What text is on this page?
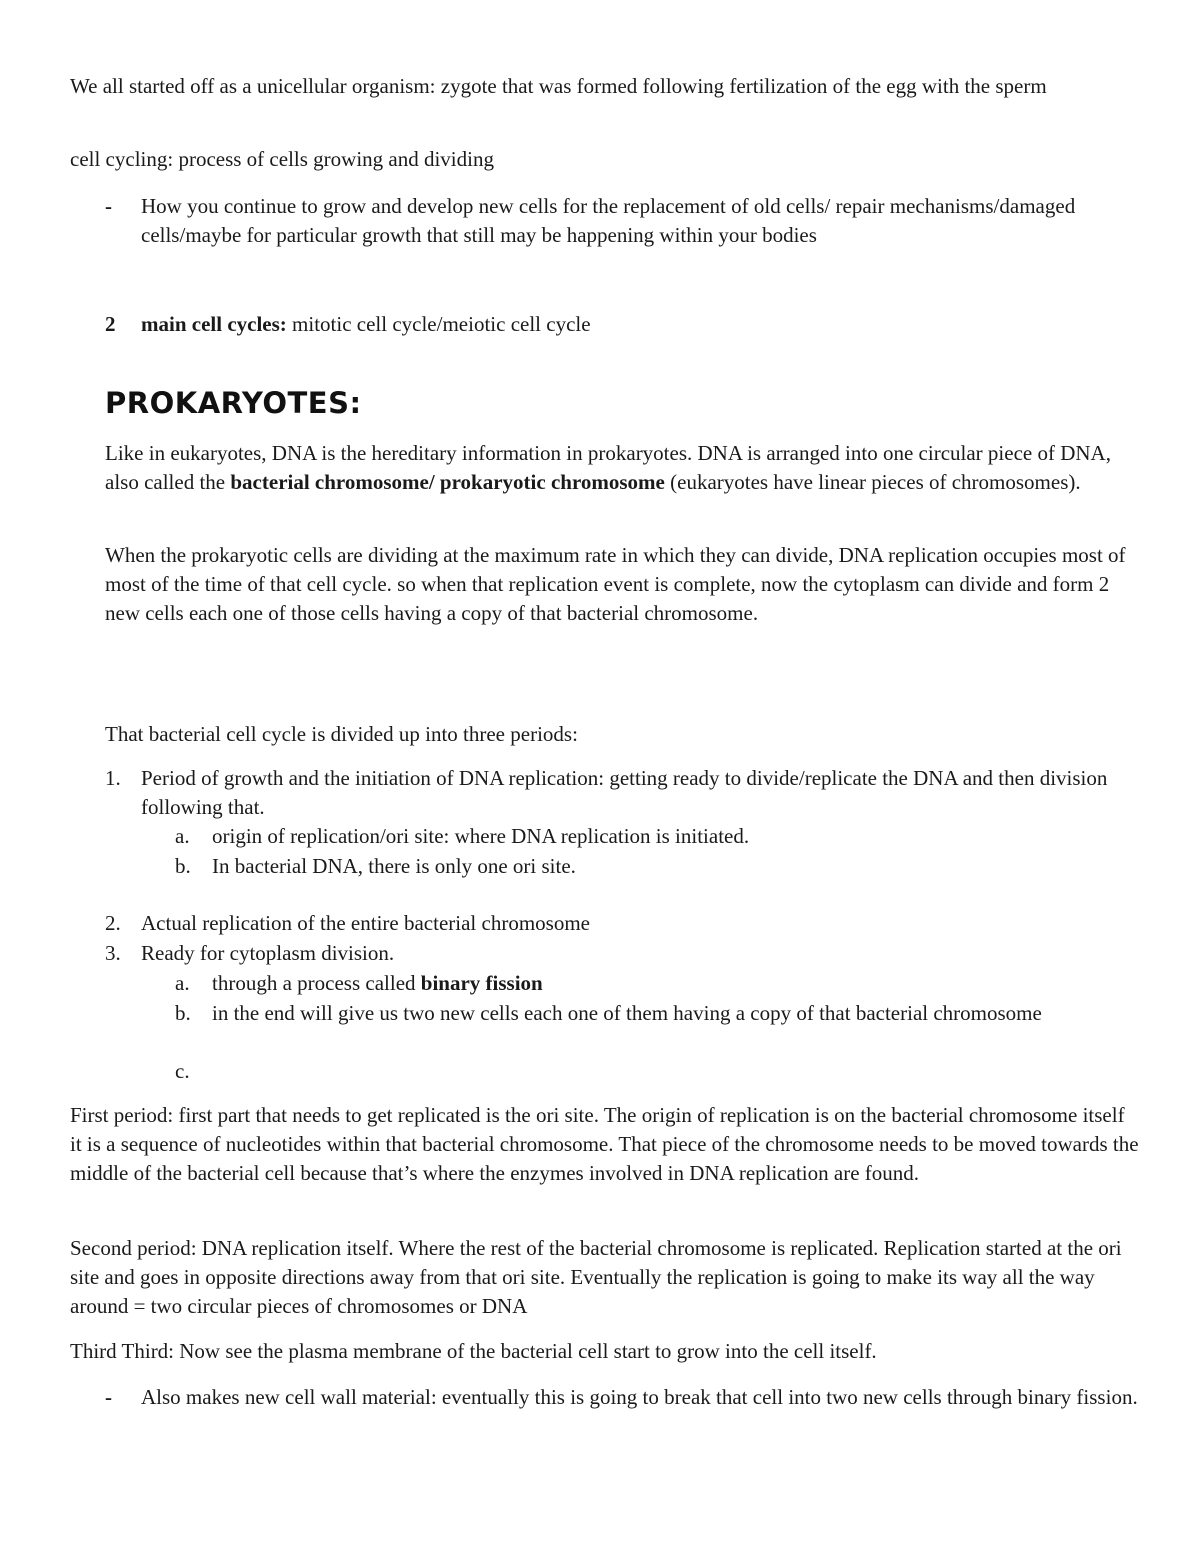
We all started off as a unicellular organism: zygote that was formed following fertilization of the egg with the sperm

cell cycling: process of cells growing and dividing

- How you continue to grow and develop new cells for the replacement of old cells/ repair mechanisms/damaged cells/maybe for particular growth that still may be happening within your bodies

2 main cell cycles: mitotic cell cycle/meiotic cell cycle

PROKARYOTES:

Like in eukaryotes, DNA is the hereditary information in prokaryotes. DNA is arranged into one circular piece of DNA, also called the bacterial chromosome/ prokaryotic chromosome (eukaryotes have linear pieces of chromosomes).

When the prokaryotic cells are dividing at the maximum rate in which they can divide, DNA replication occupies most of most of the time of that cell cycle. so when that replication event is complete, now the cytoplasm can divide and form 2 new cells each one of those cells having a copy of that bacterial chromosome.

That bacterial cell cycle is divided up into three periods:

1. Period of growth and the initiation of DNA replication: getting ready to divide/replicate the DNA and then division following that.

a. origin of replication/ori site: where DNA replication is initiated.

b. In bacterial DNA, there is only one ori site.

2. Actual replication of the entire bacterial chromosome

3. Ready for cytoplasm division.

a. through a process called binary fission

b. in the end will give us two new cells each one of them having a copy of that bacterial chromosome

c.

First period: first part that needs to get replicated is the ori site. The origin of replication is on the bacterial chromosome itself it is a sequence of nucleotides within that bacterial chromosome. That piece of the chromosome needs to be moved towards the middle of the bacterial cell because that’s where the enzymes involved in DNA replication are found.

Second period: DNA replication itself. Where the rest of the bacterial chromosome is replicated. Replication started at the ori site and goes in opposite directions away from that ori site. Eventually the replication is going to make its way all the way around = two circular pieces of chromosomes or DNA

Third Third: Now see the plasma membrane of the bacterial cell start to grow into the cell itself.

- Also makes new cell wall material: eventually this is going to break that cell into two new cells through binary fission.
